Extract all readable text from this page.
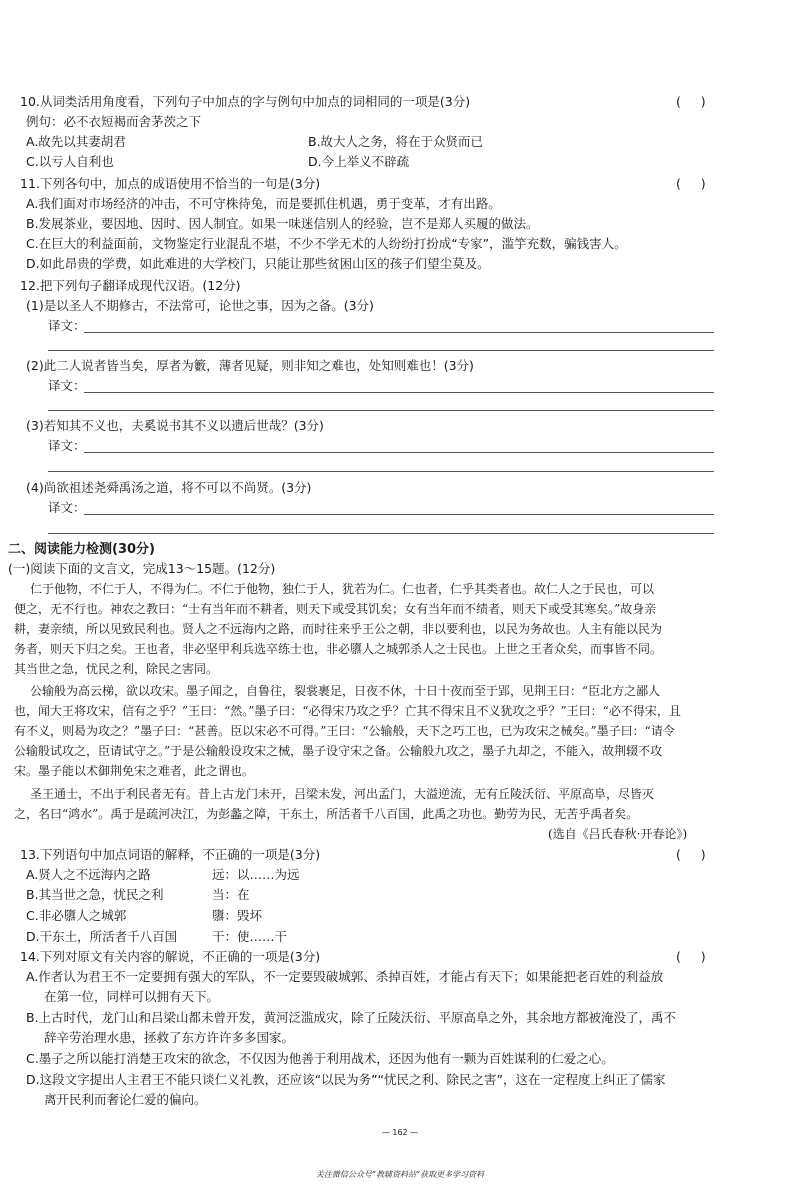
10.从词类活用角度看，下列句子中加点的字与例句中加点的词相同的一项是(3分)	(     )
例句：必不衣短褐而舍茅茨之下
A.故先以其妻胡君	B.故大人之务，将在于众贤而已
C.以亏人自利也	D.今上举义不辟疏
11.下列各句中，加点的成语使用不恰当的一句是(3分)	(     )
A.我们面对市场经济的冲击，不可守株待兔，而是要抓住机遇，勇于变革，才有出路。
B.发展茶业，要因地、因时、因人制宜。如果一味迷信别人的经验，岂不是郑人买履的做法。
C.在巨大的利益面前，文物鉴定行业混乱不堪，不少不学无术的人纷纷打扮成“专家”，滥竽充数，骗钱害人。
D.如此昂贵的学费，如此难进的大学校门，只能让那些贫困山区的孩子们望尘莫及。
12.把下列句子翻译成现代汉语。(12分)
(1)是以圣人不期修古，不法常可，论世之事，因为之备。(3分)
译文：
(2)此二人说者皆当矣，厚者为籔，薄者见疑，则非知之难也，处知则难也！(3分)
译文：
(3)若知其不义也，夫奚说书其不义以遗后世哉？(3分)
译文：
(4)尚欲祖述尧舜禹汤之道，将不可以不尚贤。(3分)
译文：
二、阅读能力检测(30分)
(一)阅读下面的文言文，完成13～15题。(12分)
仁于他物，不仁于人，不得为仁。不仁于他物，独仁于人，犹若为仁。仁也者，仁乎其类者也。故仁人之于民也，可以
便之，无不行也。神农之教曰：“士有当年而不耕者，则天下或受其饥矣；女有当年而不绩者，则天下或受其寒矣。”故身亲
耕，妻亲绩，所以见致民利也。贤人之不远海内之路，而时往来乎王公之朝，非以要利也，以民为务故也。人主有能以民为
务者，则天下归之矣。王也者，非必坚甲利兵选卒练士也，非必隳人之城郭杀人之士民也。上世之王者众矣，而事皆不同。
其当世之急，忧民之利，除民之害同。
公输般为高云梯，欲以攻宋。墨子闻之，自鲁往，裂裳裹足，日夜不休，十日十夜而至于郢，见荆王曰：“臣北方之鄙人
也，闻大王将攻宋，信有之乎？”王曰：“然。”墨子曰：“必得宋乃攻之乎？亡其不得宋且不义犹攻之乎？”王曰：“必不得宋，且
有不义，则曷为攻之？”墨子曰：“甚善。臣以宋必不可得。”王曰：“公输般，天下之巧工也，已为攻宋之械矣。”墨子曰：“请令
公输般试攻之，臣请试守之。”于是公输般设攻宋之械，墨子设守宋之备。公输般九攻之，墨子九却之，不能入，故荆辍不攻
宋。墨子能以术御荆免宋之难者，此之谓也。
圣王通士，不出于利民者无有。昔上古龙门未开，吕梁未发，河出孟门，大溢逆流，无有丘陵沃衍、平原高阜，尽皆灭
之，名曰“鸿水”。禹于是疏河决江，为彭蠡之障，干东土，所活者千八百国，此禹之功也。勤劳为民，无苦乎禹者矣。
(选自《吕氏春秋·开春论》)
13.下列语句中加点词语的解释，不正确的一项是(3分)	(     )
A.贤人之不远海内之路	远：以……为远
B.其当世之急，忧民之利	当：在
C.非必隳人之城郭	隳：毁坏
D.干东土，所活者千八百国	干：使……干
14.下列对原文有关内容的解说，不正确的一项是(3分)	(     )
A.作者认为君王不一定要拥有强大的军队，不一定要毁破城郭、杀掉百姓，才能占有天下；如果能把老百姓的利益放
在第一位，同样可以拥有天下。
B.上古时代，龙门山和吕梁山都未曾开发，黄河泛滥成灾，除了丘陵沃衍、平原高阜之外，其余地方都被淹没了，禹不
辞辛劳治理水患，拯救了东方许许多多国家。
C.墨子之所以能打消楚王攻宋的欲念，不仅因为他善于利用战术，还因为他有一颗为百姓谋利的仁爱之心。
D.这段文字提出人主君王不能只谈仁义礼教，还应该“以民为务”“忧民之利、除民之害”，这在一定程度上纠正了儒家
离开民利而奢论仁爱的偏向。
— 162 —
关注微信公众号“教辅资料站”获取更多学习资料
